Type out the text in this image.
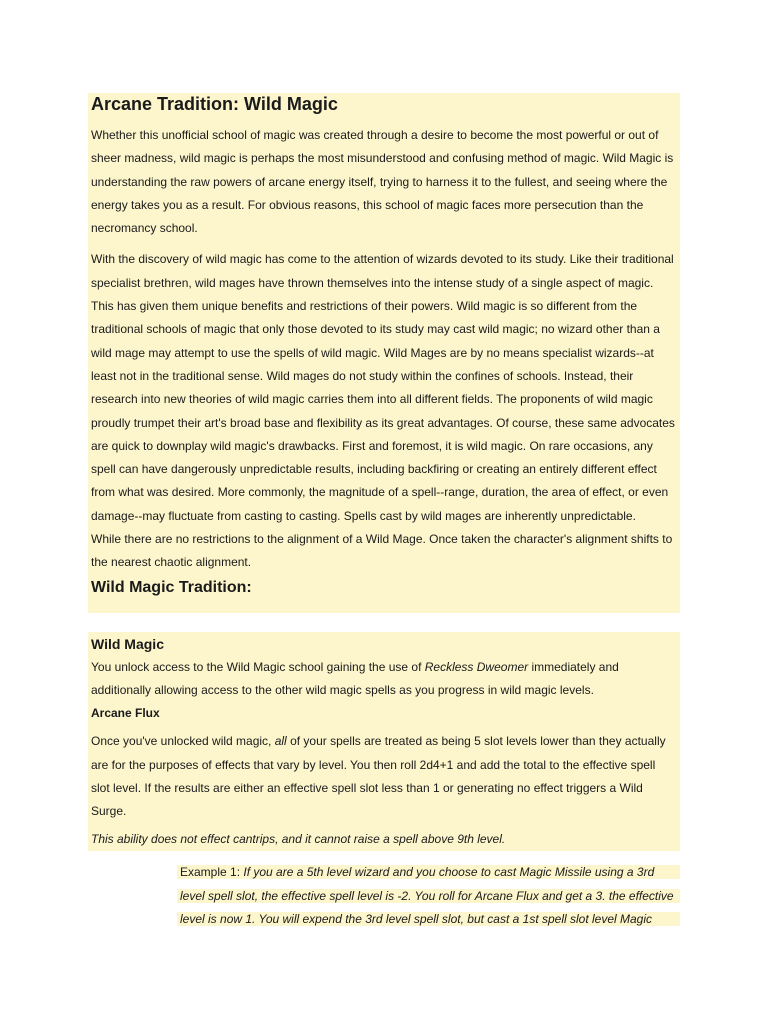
Arcane Tradition: Wild Magic

Whether this unofficial school of magic was created through a desire to become the most powerful or out of sheer madness, wild magic is perhaps the most misunderstood and confusing method of magic. Wild Magic is understanding the raw powers of arcane energy itself, trying to harness it to the fullest, and seeing where the energy takes you as a result. For obvious reasons, this school of magic faces more persecution than the necromancy school.

With the discovery of wild magic has come to the attention of wizards devoted to its study. Like their traditional specialist brethren, wild mages have thrown themselves into the intense study of a single aspect of magic. This has given them unique benefits and restrictions of their powers. Wild magic is so different from the traditional schools of magic that only those devoted to its study may cast wild magic; no wizard other than a wild mage may attempt to use the spells of wild magic. Wild Mages are by no means specialist wizards--at least not in the traditional sense. Wild mages do not study within the confines of schools. Instead, their research into new theories of wild magic carries them into all different fields. The proponents of wild magic proudly trumpet their art's broad base and flexibility as its great advantages. Of course, these same advocates are quick to downplay wild magic's drawbacks. First and foremost, it is wild magic. On rare occasions, any spell can have dangerously unpredictable results, including backfiring or creating an entirely different effect from what was desired. More commonly, the magnitude of a spell--range, duration, the area of effect, or even damage--may fluctuate from casting to casting. Spells cast by wild mages are inherently unpredictable.

While there are no restrictions to the alignment of a Wild Mage. Once taken the character's alignment shifts to the nearest chaotic alignment.

Wild Magic Tradition:
Wild Magic

You unlock access to the Wild Magic school gaining the use of Reckless Dweomer immediately and additionally allowing access to the other wild magic spells as you progress in wild magic levels.

Arcane Flux

Once you've unlocked wild magic, all of your spells are treated as being 5 slot levels lower than they actually are for the purposes of effects that vary by level. You then roll 2d4+1 and add the total to the effective spell slot level. If the results are either an effective spell slot less than 1 or generating no effect triggers a Wild Surge.

This ability does not effect cantrips, and it cannot raise a spell above 9th level.

Example 1: If you are a 5th level wizard and you choose to cast Magic Missile using a 3rd
level spell slot, the effective spell level is -2. You roll for Arcane Flux and get a 3. the effective
level is now 1. You will expend the 3rd level spell slot, but cast a 1st spell slot level Magic
